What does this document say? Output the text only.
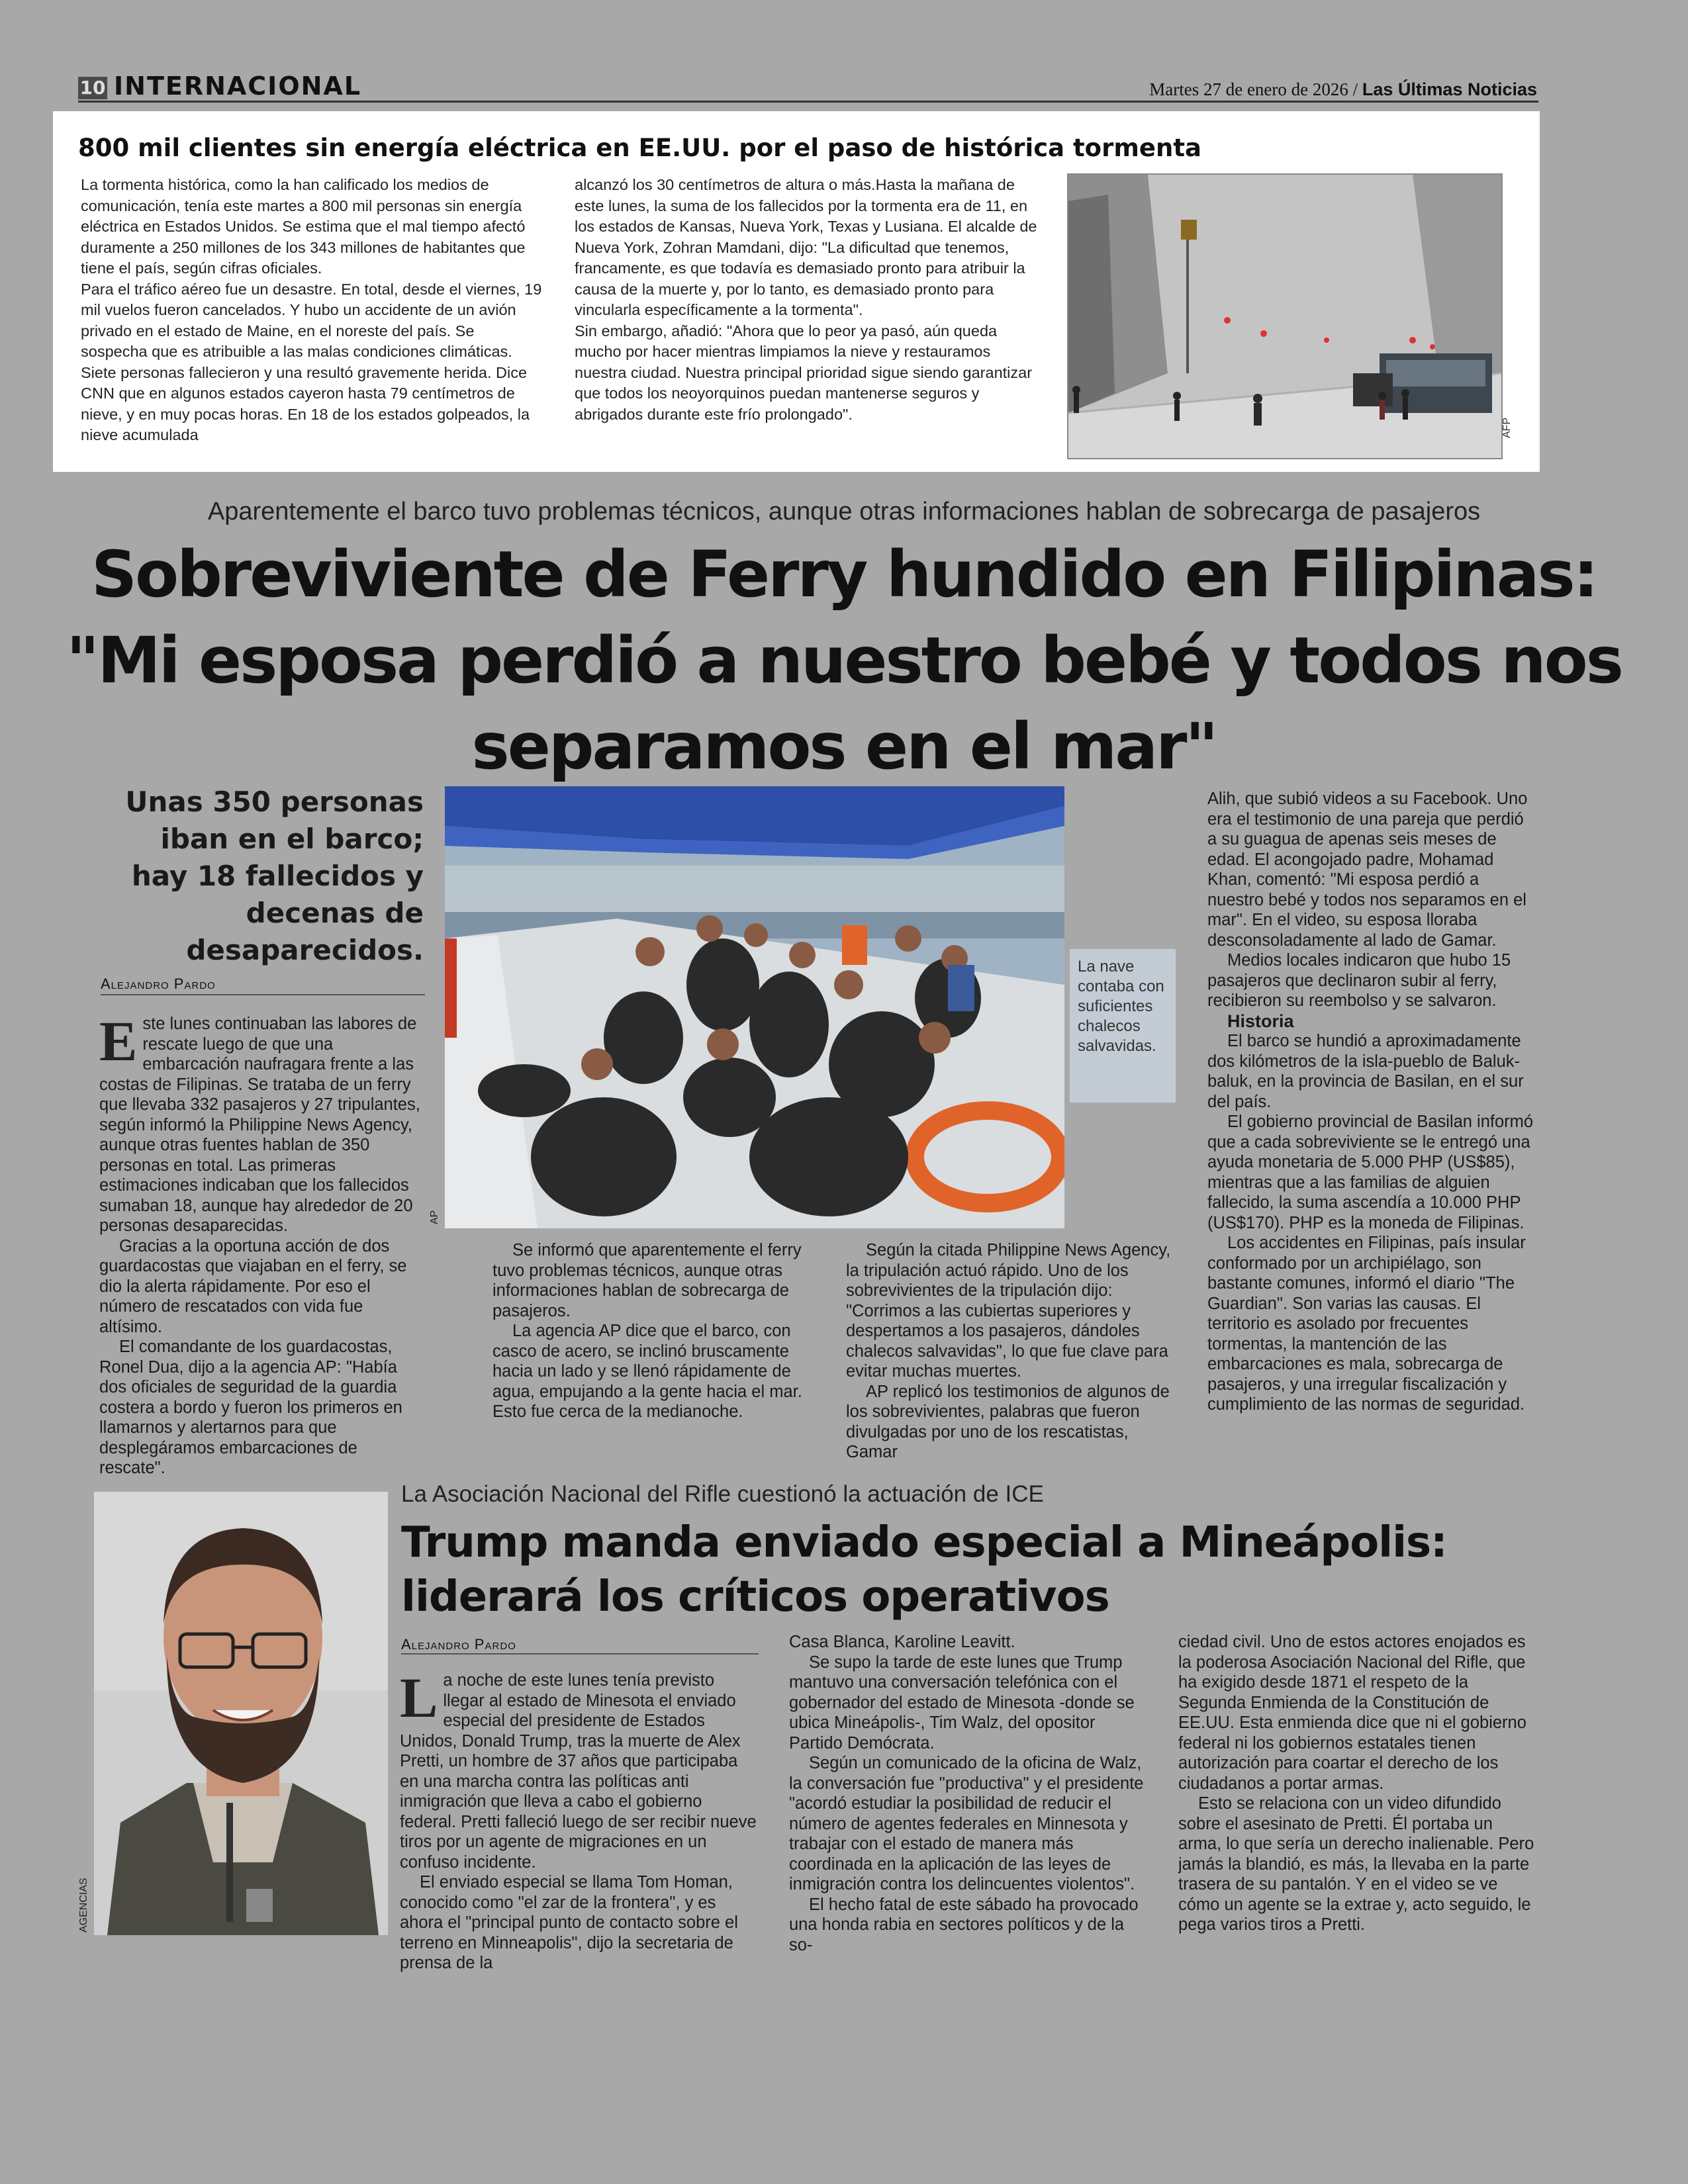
10 INTERNACIONAL	Martes 27 de enero de 2026 / Las Últimas Noticias
800 mil clientes sin energía eléctrica en EE.UU. por el paso de histórica tormenta

La tormenta histórica, como la han calificado los medios de comunicación, tenía este martes a 800 mil personas sin energía eléctrica en Estados Unidos. Se estima que el mal tiempo afectó duramente a 250 millones de los 343 millones de habitantes que tiene el país, según cifras oficiales.

Para el tráfico aéreo fue un desastre. En total, desde el viernes, 19 mil vuelos fueron cancelados. Y hubo un accidente de un avión privado en el estado de Maine, en el noreste del país. Se sospecha que es atribuible a las malas condiciones climáticas. Siete personas fallecieron y una resultó gravemente herida. Dice CNN que en algunos estados cayeron hasta 79 centímetros de nieve, y en muy pocas horas. En 18 de los estados golpeados, la nieve acumulada

alcanzó los 30 centímetros de altura o más.Hasta la mañana de este lunes, la suma de los fallecidos por la tormenta era de 11, en los estados de Kansas, Nueva York, Texas y Lusiana. El alcalde de Nueva York, Zohran Mamdani, dijo: "La dificultad que tenemos, francamente, es que todavía es demasiado pronto para atribuir la causa de la muerte y, por lo tanto, es demasiado pronto para vincularla específicamente a la tormenta".

Sin embargo, añadió: "Ahora que lo peor ya pasó, aún queda mucho por hacer mientras limpiamos la nieve y restauramos nuestra ciudad. Nuestra principal prioridad sigue siendo garantizar que todos los neoyorquinos puedan mantenerse seguros y abrigados durante este frío prolongado".

AFP
Aparentemente el barco tuvo problemas técnicos, aunque otras informaciones hablan de sobrecarga de pasajeros
Sobreviviente de Ferry hundido en Filipinas:
"Mi esposa perdió a nuestro bebé y todos nos
separamos en el mar"
Unas 350 personas iban en el barco; hay 18 fallecidos y decenas de desaparecidos.
Alejandro Pardo

Este lunes continuaban las labores de rescate luego de que una embarcación naufragara frente a las costas de Filipinas. Se trataba de un ferry que llevaba 332 pasajeros y 27 tripulantes, según informó la Philippine News Agency, aunque otras fuentes hablan de 350 personas en total. Las primeras estimaciones indicaban que los fallecidos sumaban 18, aunque hay alrededor de 20 personas desaparecidas.

Gracias a la oportuna acción de dos guardacostas que viajaban en el ferry, se dio la alerta rápidamente. Por eso el número de rescatados con vida fue altísimo.

El comandante de los guardacostas, Ronel Dua, dijo a la agencia AP: "Había dos oficiales de seguridad de la guardia costera a bordo y fueron los primeros en llamarnos y alertarnos para que desplegáramos embarcaciones de rescate".

AP
La nave contaba con suficientes chalecos salvavidas.

Se informó que aparentemente el ferry tuvo problemas técnicos, aunque otras informaciones hablan de sobrecarga de pasajeros.

La agencia AP dice que el barco, con casco de acero, se inclinó bruscamente hacia un lado y se llenó rápidamente de agua, empujando a la gente hacia el mar. Esto fue cerca de la medianoche.

Según la citada Philippine News Agency, la tripulación actuó rápido. Uno de los sobrevivientes de la tripulación dijo: "Corrimos a las cubiertas superiores y despertamos a los pasajeros, dándoles chalecos salvavidas", lo que fue clave para evitar muchas muertes.

AP replicó los testimonios de algunos de los sobrevivientes, palabras que fueron divulgadas por uno de los rescatistas, Gamar

Alih, que subió videos a su Facebook. Uno era el testimonio de una pareja que perdió a su guagua de apenas seis meses de edad. El acongojado padre, Mohamad Khan, comentó: "Mi esposa perdió a nuestro bebé y todos nos separamos en el mar". En el video, su esposa lloraba desconsoladamente al lado de Gamar.

Medios locales indicaron que hubo 15 pasajeros que declinaron subir al ferry, recibieron su reembolso y se salvaron.

Historia

El barco se hundió a aproximadamente dos kilómetros de la isla-pueblo de Baluk-baluk, en la provincia de Basilan, en el sur del país.

El gobierno provincial de Basilan informó que a cada sobreviviente se le entregó una ayuda monetaria de 5.000 PHP (US$85), mientras que a las familias de alguien fallecido, la suma ascendía a 10.000 PHP (US$170). PHP es la moneda de Filipinas.

Los accidentes en Filipinas, país insular conformado por un archipiélago, son bastante comunes, informó el diario "The Guardian". Son varias las causas. El territorio es asolado por frecuentes tormentas, la mantención de las embarcaciones es mala, sobrecarga de pasajeros, y una irregular fiscalización y cumplimiento de las normas de seguridad.

AGENCIAS
La Asociación Nacional del Rifle cuestionó la actuación de ICE
Trump manda enviado especial a Mineápolis:
liderará los críticos operativos
Alejandro Pardo

La noche de este lunes tenía previsto llegar al estado de Minesota el enviado especial del presidente de Estados Unidos, Donald Trump, tras la muerte de Alex Pretti, un hombre de 37 años que participaba en una marcha contra las políticas anti inmigración que lleva a cabo el gobierno federal. Pretti falleció luego de ser recibir nueve tiros por un agente de migraciones en un confuso incidente.

El enviado especial se llama Tom Homan, conocido como "el zar de la frontera", y es ahora el "principal punto de contacto sobre el terreno en Minneapolis", dijo la secretaria de prensa de la

Casa Blanca, Karoline Leavitt.

Se supo la tarde de este lunes que Trump mantuvo una conversación telefónica con el gobernador del estado de Minesota -donde se ubica Mineápolis-, Tim Walz, del opositor Partido Demócrata.

Según un comunicado de la oficina de Walz, la conversación fue "productiva" y el presidente "acordó estudiar la posibilidad de reducir el número de agentes federales en Minnesota y trabajar con el estado de manera más coordinada en la aplicación de las leyes de inmigración contra los delincuentes violentos".

El hecho fatal de este sábado ha provocado una honda rabia en sectores políticos y de la so-

ciedad civil. Uno de estos actores enojados es la poderosa Asociación Nacional del Rifle, que ha exigido desde 1871 el respeto de la Segunda Enmienda de la Constitución de EE.UU. Esta enmienda dice que ni el gobierno federal ni los gobiernos estatales tienen autorización para coartar el derecho de los ciudadanos a portar armas.

Esto se relaciona con un video difundido sobre el asesinato de Pretti. Él portaba un arma, lo que sería un derecho inalienable. Pero jamás la blandió, es más, la llevaba en la parte trasera de su pantalón. Y en el video se ve cómo un agente se la extrae y, acto seguido, le pega varios tiros a Pretti.
